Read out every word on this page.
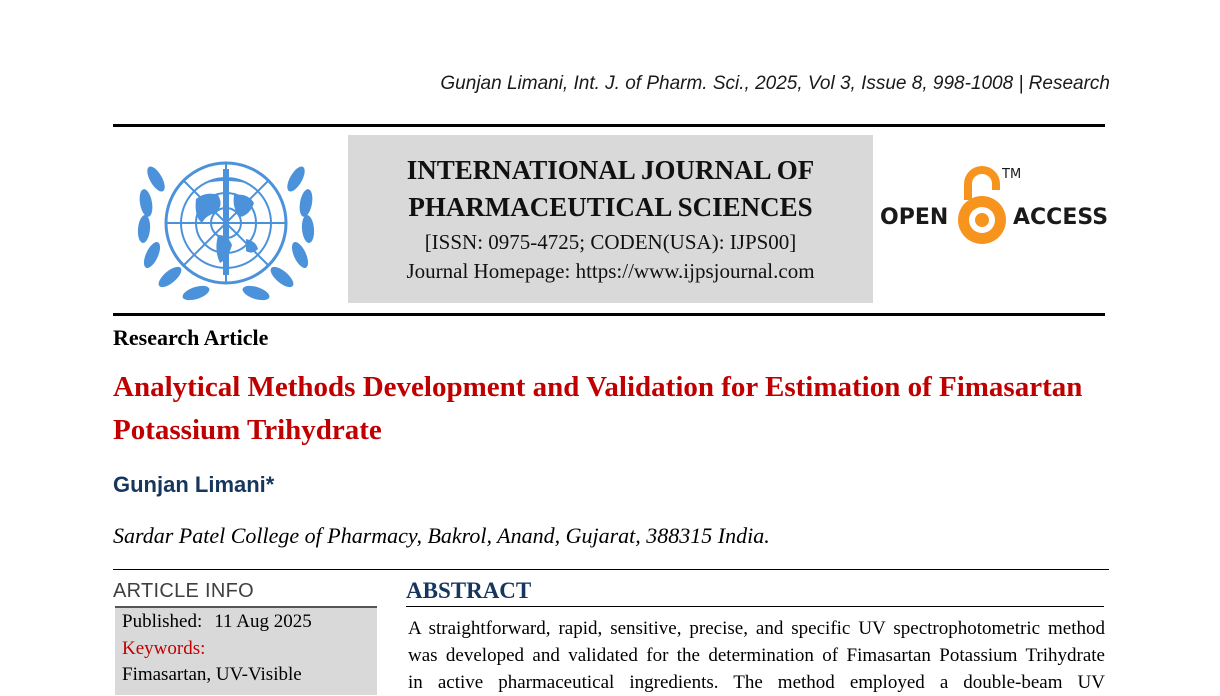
Gunjan Limani, Int. J. of Pharm. Sci., 2025, Vol 3, Issue 8, 998-1008 | Research
INTERNATIONAL JOURNAL OF
PHARMACEUTICAL SCIENCES
[ISSN: 0975-4725; CODEN(USA): IJPS00]
Journal Homepage: https://www.ijpsjournal.com
OPEN
TM
ACCESS
Research Article
Analytical Methods Development and Validation for Estimation of Fimasartan Potassium Trihydrate
Gunjan Limani*
Sardar Patel College of Pharmacy, Bakrol, Anand, Gujarat, 388315 India.
ARTICLE INFO
Published: 11 Aug 2025
Keywords:
Fimasartan, UV-Visible
ABSTRACT
A straightforward, rapid, sensitive, precise, and specific UV spectrophotometric method
was developed and validated for the determination of Fimasartan Potassium Trihydrate
in active pharmaceutical ingredients. The method employed a double-beam UV
